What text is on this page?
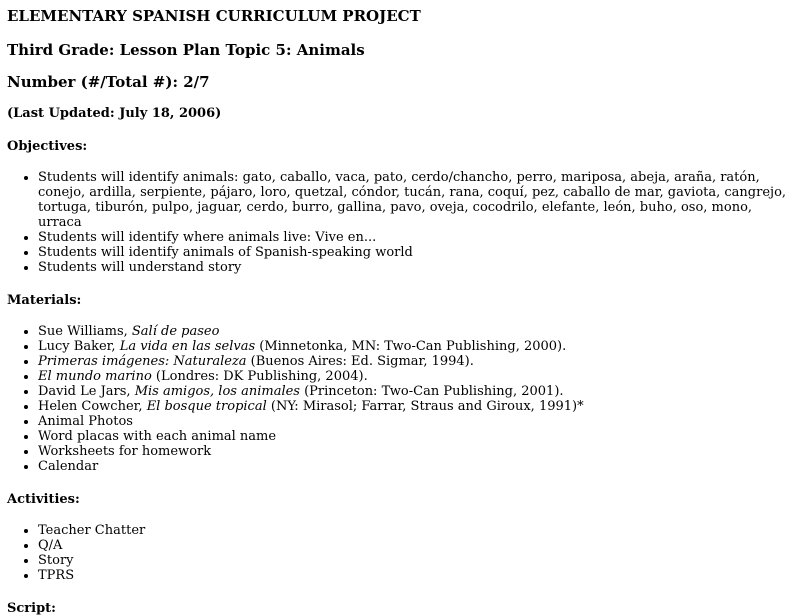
ELEMENTARY SPANISH CURRICULUM PROJECT
Third Grade: Lesson Plan Topic 5: Animals
Number (#/Total #): 2/7
(Last Updated: July 18, 2006)
Objectives:
• Students will identify animals: gato, caballo, vaca, pato, cerdo/chancho, perro, mariposa, abeja, araña, ratón, conejo, ardilla, serpiente, pájaro, loro, quetzal, cóndor, tucán, rana, coquí, pez, caballo de mar, gaviota, cangrejo, tortuga, tiburón, pulpo, jaguar, cerdo, burro, gallina, pavo, oveja, cocodrilo, elefante, león, buho, oso, mono, urraca
• Students will identify where animals live: Vive en...
• Students will identify animals of Spanish-speaking world
• Students will understand story
Materials:
• Sue Williams, Salí de paseo
• Lucy Baker, La vida en las selvas (Minnetonka, MN: Two-Can Publishing, 2000).
• Primeras imágenes: Naturaleza (Buenos Aires: Ed. Sigmar, 1994).
• El mundo marino (Londres: DK Publishing, 2004).
• David Le Jars, Mis amigos, los animales (Princeton: Two-Can Publishing, 2001).
• Helen Cowcher, El bosque tropical (NY: Mirasol; Farrar, Straus and Giroux, 1991)*
• Animal Photos
• Word placas with each animal name
• Worksheets for homework
• Calendar
Activities:
• Teacher Chatter
• Q/A
• Story
• TPRS
Script:
